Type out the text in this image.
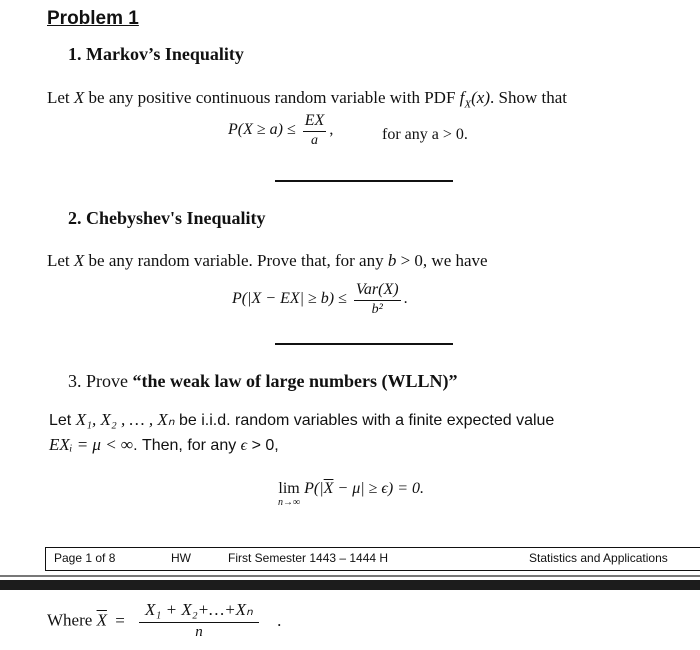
Problem 1
1. Markov’s Inequality
Let X be any positive continuous random variable with PDF $f_X(x)$. Show that
$P(X \ge a) \le \frac{EX}{a}$ ,	for any a > 0.
2. Chebyshev's Inequality
Let X be any random variable. Prove that, for any b > 0, we have
$P(|X - EX| \ge b) \le \frac{\text{Var(X)}}{\text{b²}}$ .
3. Prove “the weak law of large numbers (WLLN)”
Let X₁, X₂ , … , Xₙ be i.i.d. random variables with a finite expected value
EXᵢ = μ < ∞. Then, for any ϵ > 0,
lim
n→∞
$P(|\overline{X} - \mu| \ge \epsilon) = 0$.
Page 1 of 8	HW	First Semester 1443 – 1444 H	Statistics and Applications
Where $\overline{X} = \frac{\text{X₁ + X₂+…+Xₙ}}{n}$ .
